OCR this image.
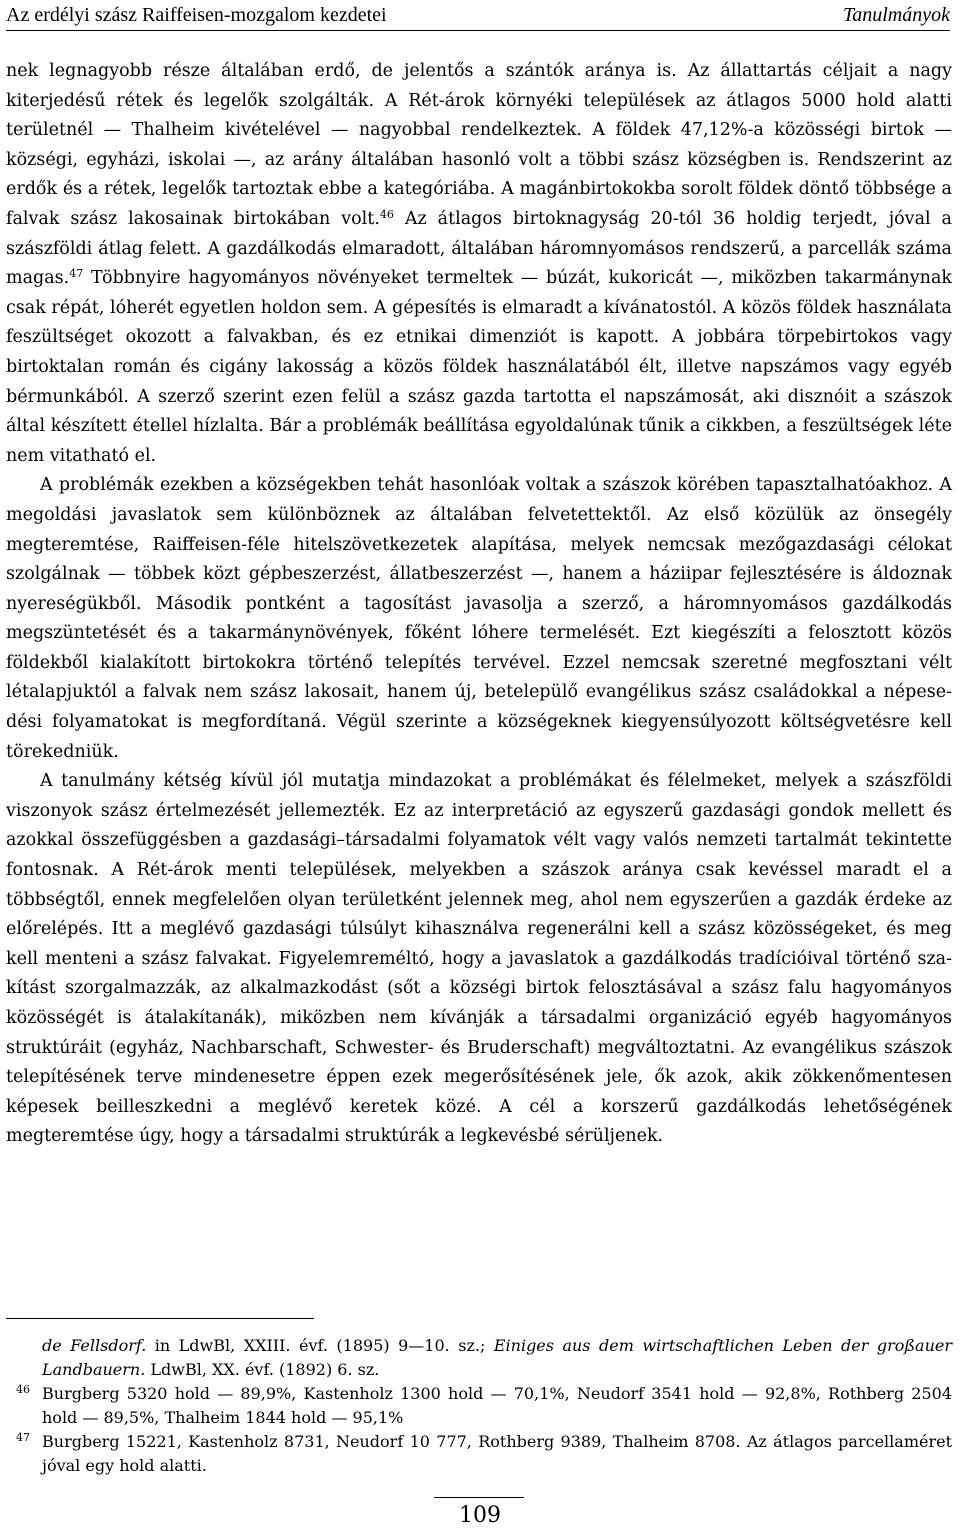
Az erdélyi szász Raiffeisen-mozgalom kezdetei	Tanulmányok

nek legnagyobb része általában erdő, de jelentős a szántók aránya is. Az állattartás céljait a nagy kiterjedésű rétek és legelők szolgálták. A Rét-árok környéki települések az átlagos 5000 hold alatti területnél — Thalheim kivételével — nagyobbal rendelkeztek. A földek 47,12%-a közösségi birtok — községi, egyházi, iskolai —, az arány általában hasonló volt a többi szász községben is. Rendszerint az erdők és a rétek, legelők tartoztak ebbe a kategóriába. A magánbirtokokba sorolt földek döntő többsége a falvak szász lakosainak birtokában volt.$^{46}$ Az átlagos birtoknagyság 20-tól 36 holdig terjedt, jóval a szászföldi átlag felett. A gazdálkodás elmaradott, általában háromnyomásos rendszerű, a parcellák száma magas.$^{47}$ Többnyire hagyományos növényeket termeltek — búzát, kukoricát —, miközben takarmánynak csak répát, lóherét egyetlen holdon sem. A gépesítés is elmaradt a kívánatostól. A közös földek használata feszültséget okozott a falvakban, és ez etnikai dimenziót is kapott. A jobbára törpebirtokos vagy birtoktalan román és cigány lakosság a közös földek használatából élt, illetve napszámos vagy egyéb bérmunkából. A szerző szerint ezen felül a szász gazda tartotta el napszámosát, aki disznóit a szászok által készített étellel hízlalta. Bár a problémák beállítása egyoldalúnak tűnik a cikkben, a feszültségek léte nem vitatható el.

A problémák ezekben a községekben tehát hasonlóak voltak a szászok körében tapasztalhatóakhoz. A megoldási javaslatok sem különböznek az általában felvetettektől. Az első közülük az önsegély megteremtése, Raiffeisen-féle hitelszövetkezetek alapítása, melyek nemcsak mezőgazdasági célokat szolgálnak — többek közt gépbeszerzést, állatbeszerzést —, hanem a háziipar fejlesztésére is áldoznak nyereségükből. Második pontként a tagosítást javasolja a szerző, a háromnyomásos gazdálkodás megszüntetését és a takarmánynövények, főként lóhere termelését. Ezt kiegészíti a felosztott közös földekből kialakított birtokokra történő telepítés tervével. Ezzel nemcsak szeretné megfosztani vélt létalapjuktól a falvak nem szász lakosait, hanem új, betelepülő evangélikus szász családokkal a népesedési folyamatokat is megfordítaná. Végül szerinte a községeknek kiegyensúlyozott költségvetésre kell törekedniük.

A tanulmány kétség kívül jól mutatja mindazokat a problémákat és félelmeket, melyek a szászföldi viszonyok szász értelmezését jellemezték. Ez az interpretáció az egyszerű gazdasági gondok mellett és azokkal összefüggésben a gazdasági–társadalmi folyamatok vélt vagy valós nemzeti tartalmát tekintette fontosnak. A Rét-árok menti települések, melyekben a szászok aránya csak kevéssel maradt el a többségtől, ennek megfelelően olyan területként jelennek meg, ahol nem egyszerűen a gazdák érdeke az előrelépés. Itt a meglévő gazdasági túlsúlyt kihasználva regenerálni kell a szász közösségeket, és meg kell menteni a szász falvakat. Figyelemreméltó, hogy a javaslatok a gazdálkodás tradícióival történő szakítást szorgalmazzák, az alkalmazkodást (sőt a községi birtok felosztásával a szász falu hagyományos közösségét is átalakítanák), miközben nem kívánják a társadalmi organizáció egyéb hagyományos struktúráit (egyház, Nachbarschaft, Schwester- és Bruderschaft) megváltoztatni. Az evangélikus szászok telepítésének terve mindenesetre éppen ezek megerősítésének jele, ők azok, akik zökkenőmentesen képesek beilleszkedni a meglévő keretek közé. A cél a korszerű gazdálkodás lehetőségének megteremtése úgy, hogy a társadalmi struktúrák a legkevésbé sérüljenek.

de Fellsdorf. in LdwBl, XXIII. évf. (1895) 9—10. sz.; Einiges aus dem wirtschaftlichen Leben der großauer Landbauern. LdwBl, XX. évf. (1892) 6. sz.
46 Burgberg 5320 hold — 89,9%, Kastenholz 1300 hold — 70,1%, Neudorf 3541 hold — 92,8%, Rothberg 2504 hold — 89,5%, Thalheim 1844 hold — 95,1%
47 Burgberg 15221, Kastenholz 8731, Neudorf 10 777, Rothberg 9389, Thalheim 8708. Az átlagos parcellaméret jóval egy hold alatti.
109
